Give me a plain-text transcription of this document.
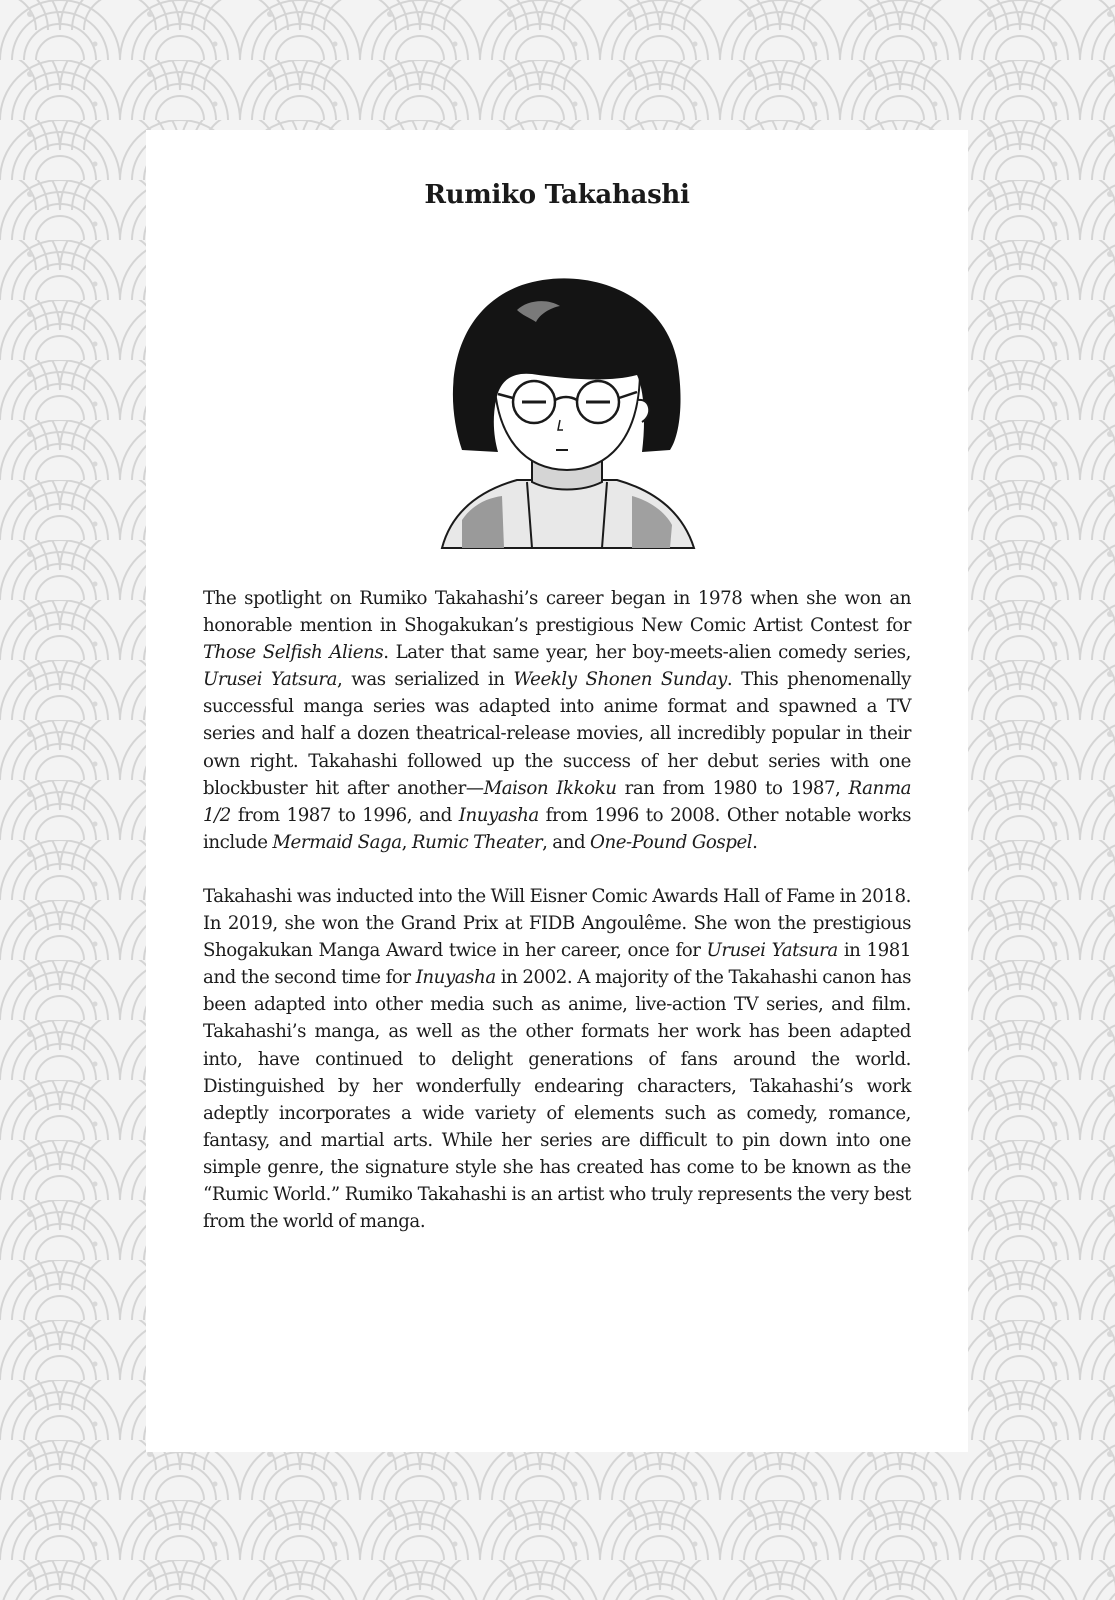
Rumiko Takahashi

The spotlight on Rumiko Takahashi’s career began in 1978 when she won an honorable mention in Shogakukan’s prestigious New Comic Artist Contest for Those Selfish Aliens. Later that same year, her boy-meets-alien comedy series, Urusei Yatsura, was serialized in Weekly Shonen Sunday. This phenomenally successful manga series was adapted into anime format and spawned a TV series and half a dozen theatrical-release movies, all incredibly popular in their own right. Takahashi followed up the success of her debut series with one blockbuster hit after another—Maison Ikkoku ran from 1980 to 1987, Ranma 1/2 from 1987 to 1996, and Inuyasha from 1996 to 2008. Other notable works include Mermaid Saga, Rumic Theater, and One-Pound Gospel.

Takahashi was inducted into the Will Eisner Comic Awards Hall of Fame in 2018. In 2019, she won the Grand Prix at FIDB Angoulême. She won the prestigious Shogakukan Manga Award twice in her career, once for Urusei Yatsura in 1981 and the second time for Inuyasha in 2002. A majority of the Takahashi canon has been adapted into other media such as anime, live-action TV series, and film. Takahashi’s manga, as well as the other formats her work has been adapted into, have continued to delight generations of fans around the world. Distinguished by her wonderfully endearing characters, Takahashi’s work adeptly incorporates a wide variety of elements such as comedy, romance, fantasy, and martial arts. While her series are difficult to pin down into one simple genre, the signature style she has created has come to be known as the “Rumic World.” Rumiko Takahashi is an artist who truly represents the very best from the world of manga.
